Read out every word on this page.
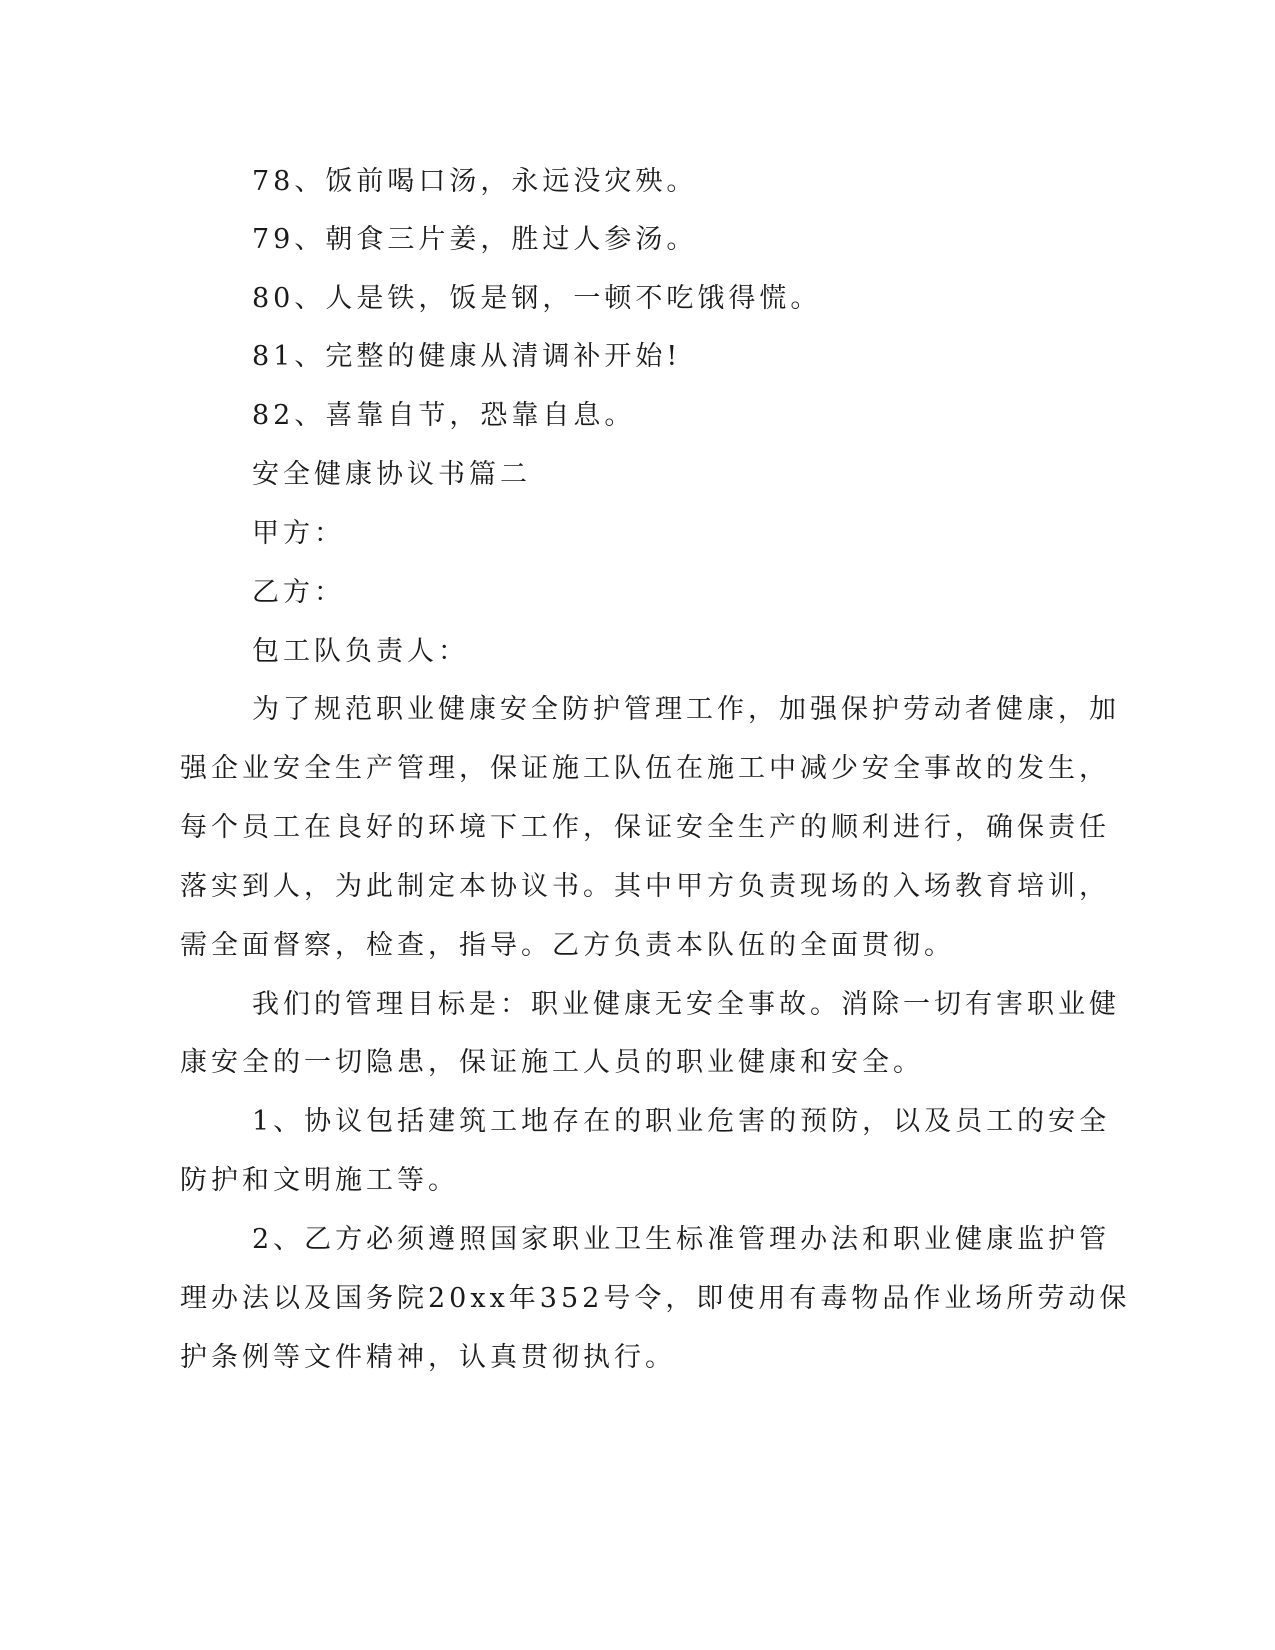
78、饭前喝口汤，永远没灾殃。
79、朝食三片姜，胜过人参汤。
80、人是铁，饭是钢，一顿不吃饿得慌。
81、完整的健康从清调补开始!
82、喜靠自节，恐靠自息。
安全健康协议书篇二
甲方：
乙方：
包工队负责人：
为了规范职业健康安全防护管理工作，加强保护劳动者健康，加
强企业安全生产管理，保证施工队伍在施工中减少安全事故的发生，
每个员工在良好的环境下工作，保证安全生产的顺利进行，确保责任
落实到人，为此制定本协议书。其中甲方负责现场的入场教育培训，
需全面督察，检查，指导。乙方负责本队伍的全面贯彻。
我们的管理目标是：职业健康无安全事故。消除一切有害职业健
康安全的一切隐患，保证施工人员的职业健康和安全。
1、协议包括建筑工地存在的职业危害的预防，以及员工的安全
防护和文明施工等。
2、乙方必须遵照国家职业卫生标准管理办法和职业健康监护管
理办法以及国务院20xx年352号令，即使用有毒物品作业场所劳动保
护条例等文件精神，认真贯彻执行。
